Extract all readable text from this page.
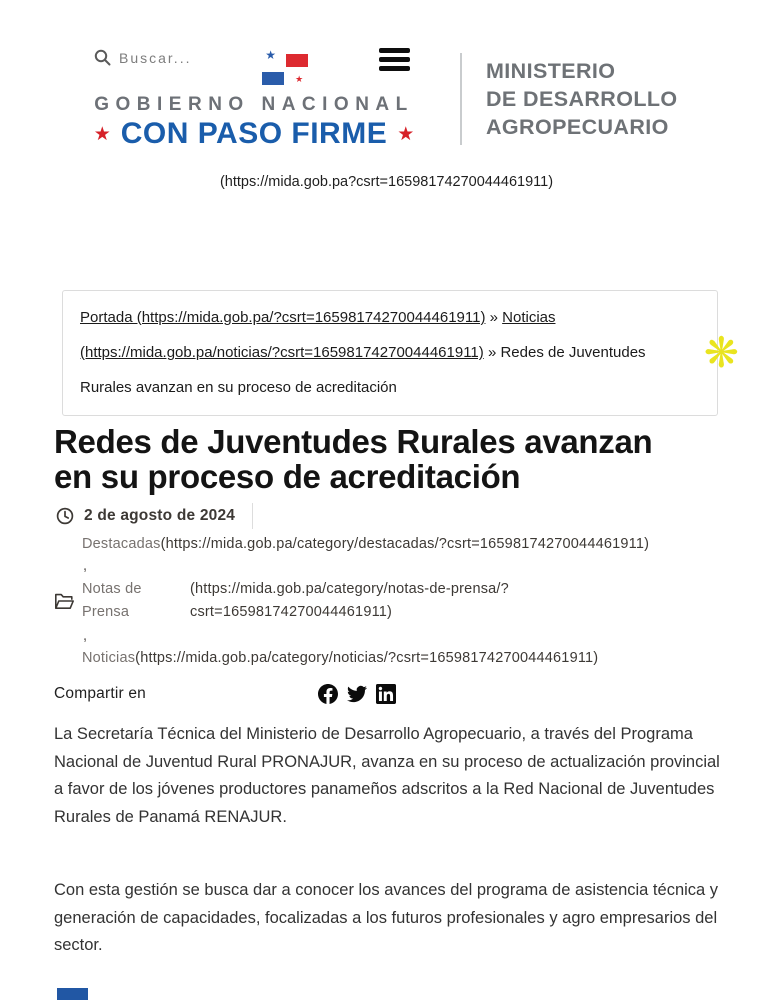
Buscar...	★
★
GOBIERNO NACIONAL
★ CON PASO FIRME ★
MINISTERIO
DE DESARROLLO
AGROPECUARIO
(https://mida.gob.pa?csrt=16598174270044461911)
Portada (https://mida.gob.pa/?csrt=16598174270044461911) » Noticias (https://mida.gob.pa/noticias/?csrt=16598174270044461911) » Redes de Juventudes Rurales avanzan en su proceso de acreditación
❋
Redes de Juventudes Rurales avanzan
en su proceso de acreditación
2 de agosto de 2024
Destacadas(https://mida.gob.pa/category/destacadas/?csrt=16598174270044461911)
,
Notas de Prensa
(https://mida.gob.pa/category/notas-de-prensa/?
csrt=16598174270044461911)
,
Noticias(https://mida.gob.pa/category/noticias/?csrt=16598174270044461911)
Compartir en

La Secretaría Técnica del Ministerio de Desarrollo Agropecuario, a través del Programa Nacional de Juventud Rural PRONAJUR, avanza en su proceso de actualización provincial a favor de los jóvenes productores panameños adscritos a la Red Nacional de Juventudes Rurales de Panamá RENAJUR.

Con esta gestión se busca dar a conocer los avances del programa de asistencia técnica y generación de capacidades, focalizadas a los futuros profesionales y agro empresarios del sector.
